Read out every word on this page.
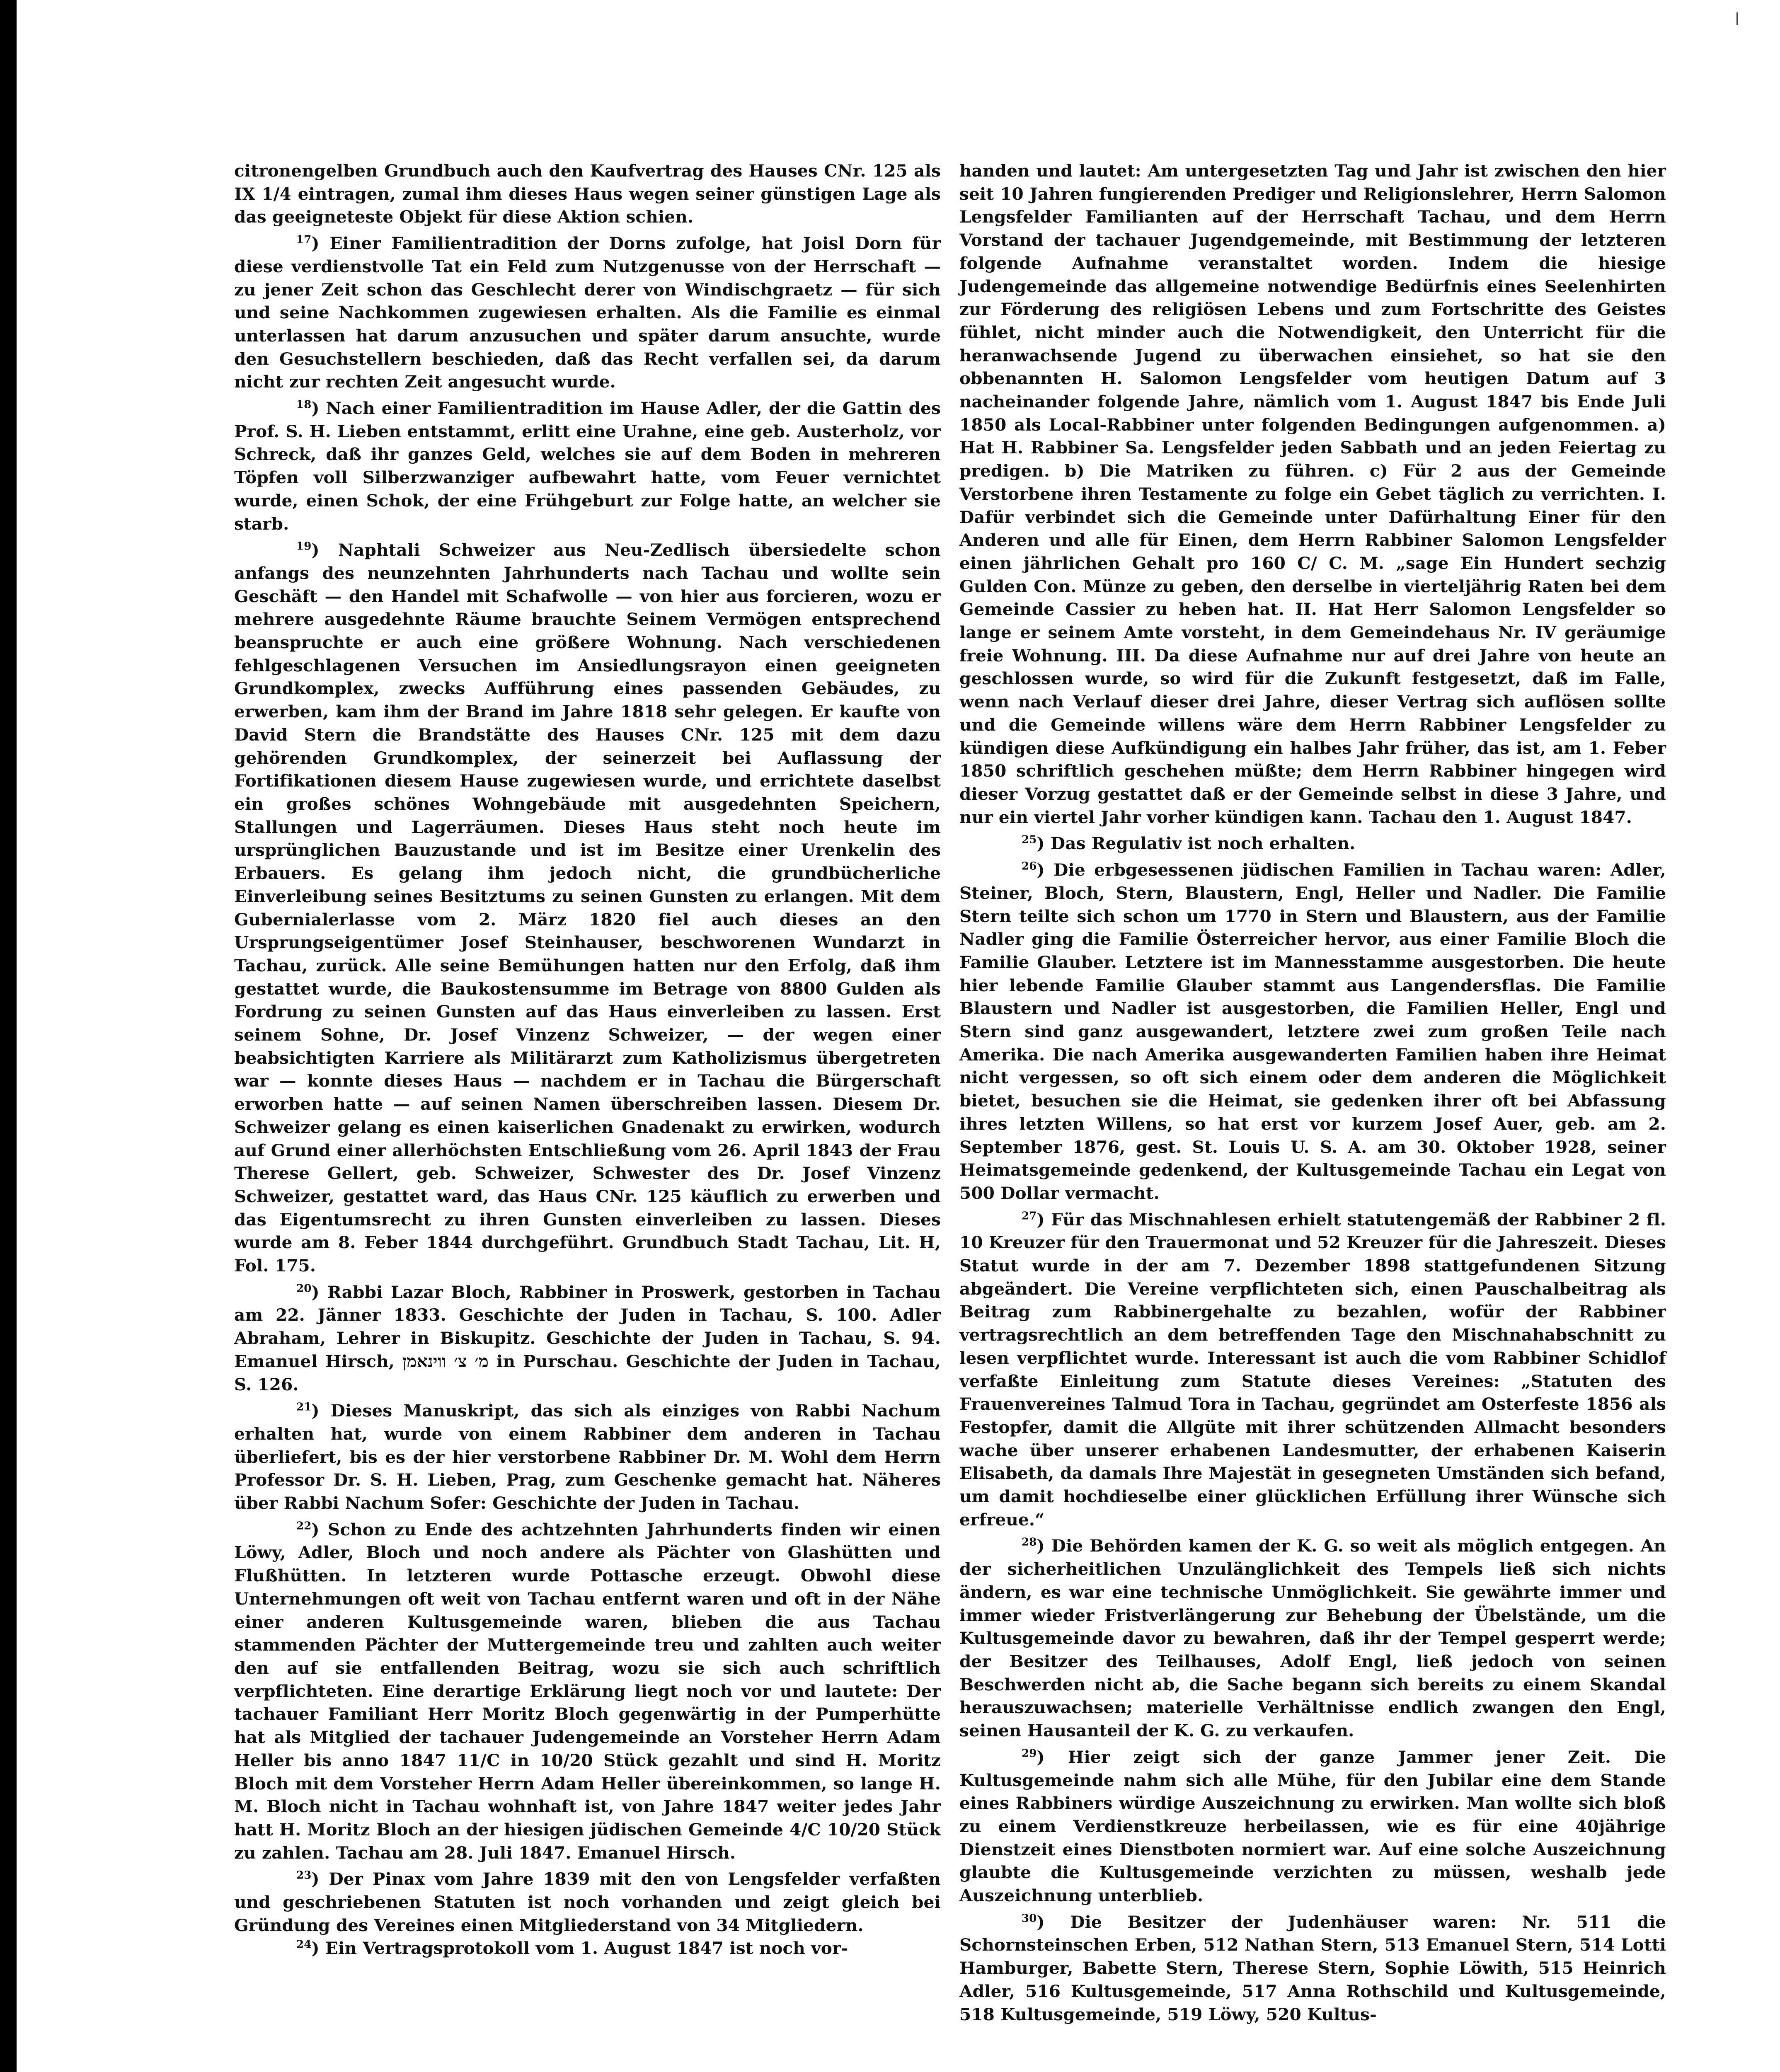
citronengelben Grundbuch auch den Kaufvertrag des Hauses CNr. 125 als IX 1/4 eintragen, zumal ihm dieses Haus wegen seiner günstigen Lage als das geeigneteste Objekt für diese Aktion schien.

$^{17}$) Einer Familientradition der Dorns zufolge, hat Joisl Dorn für diese verdienstvolle Tat ein Feld zum Nutzgenusse von der Herrschaft — zu jener Zeit schon das Geschlecht derer von Windischgraetz — für sich und seine Nachkommen zugewiesen erhalten. Als die Familie es einmal unterlassen hat darum anzusuchen und später darum ansuchte, wurde den Gesuchstellern beschieden, daß das Recht verfallen sei, da darum nicht zur rechten Zeit angesucht wurde.

$^{18}$) Nach einer Familientradition im Hause Adler, der die Gattin des Prof. S. H. Lieben entstammt, erlitt eine Urahne, eine geb. Austerholz, vor Schreck, daß ihr ganzes Geld, welches sie auf dem Boden in mehreren Töpfen voll Silberzwanziger aufbewahrt hatte, vom Feuer vernichtet wurde, einen Schok, der eine Frühgeburt zur Folge hatte, an welcher sie starb.

$^{19}$) Naphtali Schweizer aus Neu-Zedlisch übersiedelte schon anfangs des neunzehnten Jahrhunderts nach Tachau und wollte sein Geschäft — den Handel mit Schafwolle — von hier aus forcieren, wozu er mehrere ausgedehnte Räume brauchte Seinem Vermögen entsprechend beanspruchte er auch eine größere Wohnung. Nach verschiedenen fehlgeschlagenen Versuchen im Ansiedlungsrayon einen geeigneten Grundkomplex, zwecks Aufführung eines passenden Gebäudes, zu erwerben, kam ihm der Brand im Jahre 1818 sehr gelegen. Er kaufte von David Stern die Brandstätte des Hauses CNr. 125 mit dem dazu gehörenden Grundkomplex, der seinerzeit bei Auflassung der Fortifikationen diesem Hause zugewiesen wurde, und errichtete daselbst ein großes schönes Wohngebäude mit ausgedehnten Speichern, Stallungen und Lagerräumen. Dieses Haus steht noch heute im ursprünglichen Bauzustande und ist im Besitze einer Urenkelin des Erbauers. Es gelang ihm jedoch nicht, die grundbücherliche Einverleibung seines Besitztums zu seinen Gunsten zu erlangen. Mit dem Gubernialerlasse vom 2. März 1820 fiel auch dieses an den Ursprungseigentümer Josef Steinhauser, beschworenen Wundarzt in Tachau, zurück. Alle seine Bemühungen hatten nur den Erfolg, daß ihm gestattet wurde, die Baukostensumme im Betrage von 8800 Gulden als Fordrung zu seinen Gunsten auf das Haus einverleiben zu lassen. Erst seinem Sohne, Dr. Josef Vinzenz Schweizer, — der wegen einer beabsichtigten Karriere als Militärarzt zum Katholizismus übergetreten war — konnte dieses Haus — nachdem er in Tachau die Bürgerschaft erworben hatte — auf seinen Namen überschreiben lassen. Diesem Dr. Schweizer gelang es einen kaiserlichen Gnadenakt zu erwirken, wodurch auf Grund einer allerhöchsten Entschließung vom 26. April 1843 der Frau Therese Gellert, geb. Schweizer, Schwester des Dr. Josef Vinzenz Schweizer, gestattet ward, das Haus CNr. 125 käuflich zu erwerben und das Eigentumsrecht zu ihren Gunsten einverleiben zu lassen. Dieses wurde am 8. Feber 1844 durchgeführt. Grundbuch Stadt Tachau, Lit. H, Fol. 175.

$^{20}$) Rabbi Lazar Bloch, Rabbiner in Proswerk, gestorben in Tachau am 22. Jänner 1833. Geschichte der Juden in Tachau, S. 100. Adler Abraham, Lehrer in Biskupitz. Geschichte der Juden in Tachau, S. 94. Emanuel Hirsch, מ׳ צ׳ ווינאמן in Purschau. Geschichte der Juden in Tachau, S. 126.

$^{21}$) Dieses Manuskript, das sich als einziges von Rabbi Nachum erhalten hat, wurde von einem Rabbiner dem anderen in Tachau überliefert, bis es der hier verstorbene Rabbiner Dr. M. Wohl dem Herrn Professor Dr. S. H. Lieben, Prag, zum Geschenke gemacht hat. Näheres über Rabbi Nachum Sofer: Geschichte der Juden in Tachau.

$^{22}$) Schon zu Ende des achtzehnten Jahrhunderts finden wir einen Löwy, Adler, Bloch und noch andere als Pächter von Glashütten und Flußhütten. In letzteren wurde Pottasche erzeugt. Obwohl diese Unternehmungen oft weit von Tachau entfernt waren und oft in der Nähe einer anderen Kultusgemeinde waren, blieben die aus Tachau stammenden Pächter der Muttergemeinde treu und zahlten auch weiter den auf sie entfallenden Beitrag, wozu sie sich auch schriftlich verpflichteten. Eine derartige Erklärung liegt noch vor und lautete: Der tachauer Familiant Herr Moritz Bloch gegenwärtig in der Pumperhütte hat als Mitglied der tachauer Judengemeinde an Vorsteher Herrn Adam Heller bis anno 1847 11/C in 10/20 Stück gezahlt und sind H. Moritz Bloch mit dem Vorsteher Herrn Adam Heller übereinkommen, so lange H. M. Bloch nicht in Tachau wohnhaft ist, von Jahre 1847 weiter jedes Jahr hatt H. Moritz Bloch an der hiesigen jüdischen Gemeinde 4/C 10/20 Stück zu zahlen. Tachau am 28. Juli 1847. Emanuel Hirsch.

$^{23}$) Der Pinax vom Jahre 1839 mit den von Lengsfelder verfaßten und geschriebenen Statuten ist noch vorhanden und zeigt gleich bei Gründung des Vereines einen Mitgliederstand von 34 Mitgliedern.

$^{24}$) Ein Vertragsprotokoll vom 1. August 1847 ist noch vor-

handen und lautet: Am untergesetzten Tag und Jahr ist zwischen den hier seit 10 Jahren fungierenden Prediger und Religionslehrer, Herrn Salomon Lengsfelder Familianten auf der Herrschaft Tachau, und dem Herrn Vorstand der tachauer Jugendgemeinde, mit Bestimmung der letzteren folgende Aufnahme veranstaltet worden. Indem die hiesige Judengemeinde das allgemeine notwendige Bedürfnis eines Seelenhirten zur Förderung des religiösen Lebens und zum Fortschritte des Geistes fühlet, nicht minder auch die Notwendigkeit, den Unterricht für die heranwachsende Jugend zu überwachen einsiehet, so hat sie den obbenannten H. Salomon Lengsfelder vom heutigen Datum auf 3 nacheinander folgende Jahre, nämlich vom 1. August 1847 bis Ende Juli 1850 als Local-Rabbiner unter folgenden Bedingungen aufgenommen. a) Hat H. Rabbiner Sa. Lengsfelder jeden Sabbath und an jeden Feiertag zu predigen. b) Die Matriken zu führen. c) Für 2 aus der Gemeinde Verstorbene ihren Testamente zu folge ein Gebet täglich zu verrichten. I. Dafür verbindet sich die Gemeinde unter Dafürhaltung Einer für den Anderen und alle für Einen, dem Herrn Rabbiner Salomon Lengsfelder einen jährlichen Gehalt pro 160 C/ C. M. „sage Ein Hundert sechzig Gulden Con. Münze zu geben, den derselbe in vierteljährig Raten bei dem Gemeinde Cassier zu heben hat. II. Hat Herr Salomon Lengsfelder so lange er seinem Amte vorsteht, in dem Gemeindehaus Nr. IV geräumige freie Wohnung. III. Da diese Aufnahme nur auf drei Jahre von heute an geschlossen wurde, so wird für die Zukunft festgesetzt, daß im Falle, wenn nach Verlauf dieser drei Jahre, dieser Vertrag sich auflösen sollte und die Gemeinde willens wäre dem Herrn Rabbiner Lengsfelder zu kündigen diese Aufkündigung ein halbes Jahr früher, das ist, am 1. Feber 1850 schriftlich geschehen müßte; dem Herrn Rabbiner hingegen wird dieser Vorzug gestattet daß er der Gemeinde selbst in diese 3 Jahre, und nur ein viertel Jahr vorher kündigen kann. Tachau den 1. August 1847.

$^{25}$) Das Regulativ ist noch erhalten.

$^{26}$) Die erbgesessenen jüdischen Familien in Tachau waren: Adler, Steiner, Bloch, Stern, Blaustern, Engl, Heller und Nadler. Die Familie Stern teilte sich schon um 1770 in Stern und Blaustern, aus der Familie Nadler ging die Familie Österreicher hervor, aus einer Familie Bloch die Familie Glauber. Letztere ist im Mannesstamme ausgestorben. Die heute hier lebende Familie Glauber stammt aus Langendersflas. Die Familie Blaustern und Nadler ist ausgestorben, die Familien Heller, Engl und Stern sind ganz ausgewandert, letztere zwei zum großen Teile nach Amerika. Die nach Amerika ausgewanderten Familien haben ihre Heimat nicht vergessen, so oft sich einem oder dem anderen die Möglichkeit bietet, besuchen sie die Heimat, sie gedenken ihrer oft bei Abfassung ihres letzten Willens, so hat erst vor kurzem Josef Auer, geb. am 2. September 1876, gest. St. Louis U. S. A. am 30. Oktober 1928, seiner Heimatsgemeinde gedenkend, der Kultusgemeinde Tachau ein Legat von 500 Dollar vermacht.

$^{27}$) Für das Mischnahlesen erhielt statutengemäß der Rabbiner 2 fl. 10 Kreuzer für den Trauermonat und 52 Kreuzer für die Jahreszeit. Dieses Statut wurde in der am 7. Dezember 1898 stattgefundenen Sitzung abgeändert. Die Vereine verpflichteten sich, einen Pauschalbeitrag als Beitrag zum Rabbinergehalte zu bezahlen, wofür der Rabbiner vertragsrechtlich an dem betreffenden Tage den Mischnahabschnitt zu lesen verpflichtet wurde. Interessant ist auch die vom Rabbiner Schidlof verfaßte Einleitung zum Statute dieses Vereines: „Statuten des Frauenvereines Talmud Tora in Tachau, gegründet am Osterfeste 1856 als Festopfer, damit die Allgüte mit ihrer schützenden Allmacht besonders wache über unserer erhabenen Landesmutter, der erhabenen Kaiserin Elisabeth, da damals Ihre Majestät in gesegneten Umständen sich befand, um damit hochdieselbe einer glücklichen Erfüllung ihrer Wünsche sich erfreue.“

$^{28}$) Die Behörden kamen der K. G. so weit als möglich entgegen. An der sicherheitlichen Unzulänglichkeit des Tempels ließ sich nichts ändern, es war eine technische Unmöglichkeit. Sie gewährte immer und immer wieder Fristverlängerung zur Behebung der Übelstände, um die Kultusgemeinde davor zu bewahren, daß ihr der Tempel gesperrt werde; der Besitzer des Teilhauses, Adolf Engl, ließ jedoch von seinen Beschwerden nicht ab, die Sache begann sich bereits zu einem Skandal herauszuwachsen; materielle Verhältnisse endlich zwangen den Engl, seinen Hausanteil der K. G. zu verkaufen.

$^{29}$) Hier zeigt sich der ganze Jammer jener Zeit. Die Kultusgemeinde nahm sich alle Mühe, für den Jubilar eine dem Stande eines Rabbiners würdige Auszeichnung zu erwirken. Man wollte sich bloß zu einem Verdienstkreuze herbeilassen, wie es für eine 40jährige Dienstzeit eines Dienstboten normiert war. Auf eine solche Auszeichnung glaubte die Kultusgemeinde verzichten zu müssen, weshalb jede Auszeichnung unterblieb.

$^{30}$) Die Besitzer der Judenhäuser waren: Nr. 511 die Schornsteinschen Erben, 512 Nathan Stern, 513 Emanuel Stern, 514 Lotti Hamburger, Babette Stern, Therese Stern, Sophie Löwith, 515 Heinrich Adler, 516 Kultusgemeinde, 517 Anna Rothschild und Kultusgemeinde, 518 Kultusgemeinde, 519 Löwy, 520 Kultus-
